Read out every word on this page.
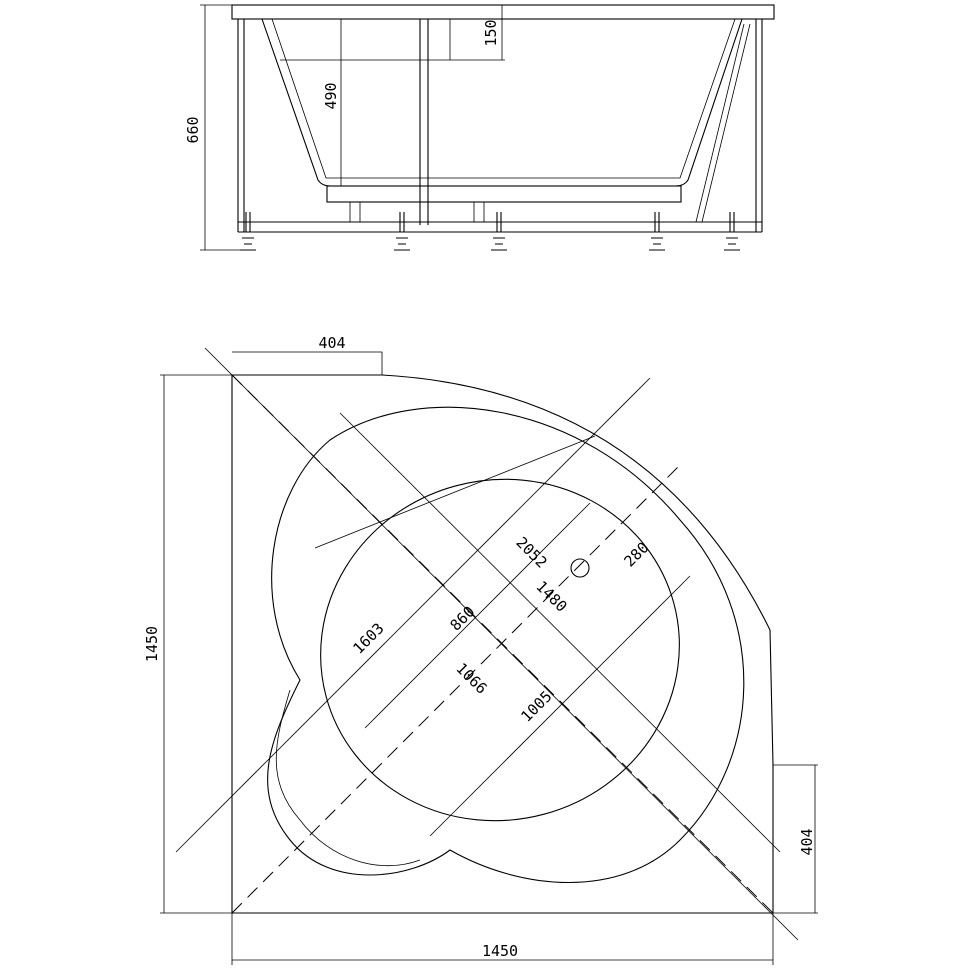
660
490
150
404
404
1450
1450
2052
1480
1603
860
1066
1005
280
